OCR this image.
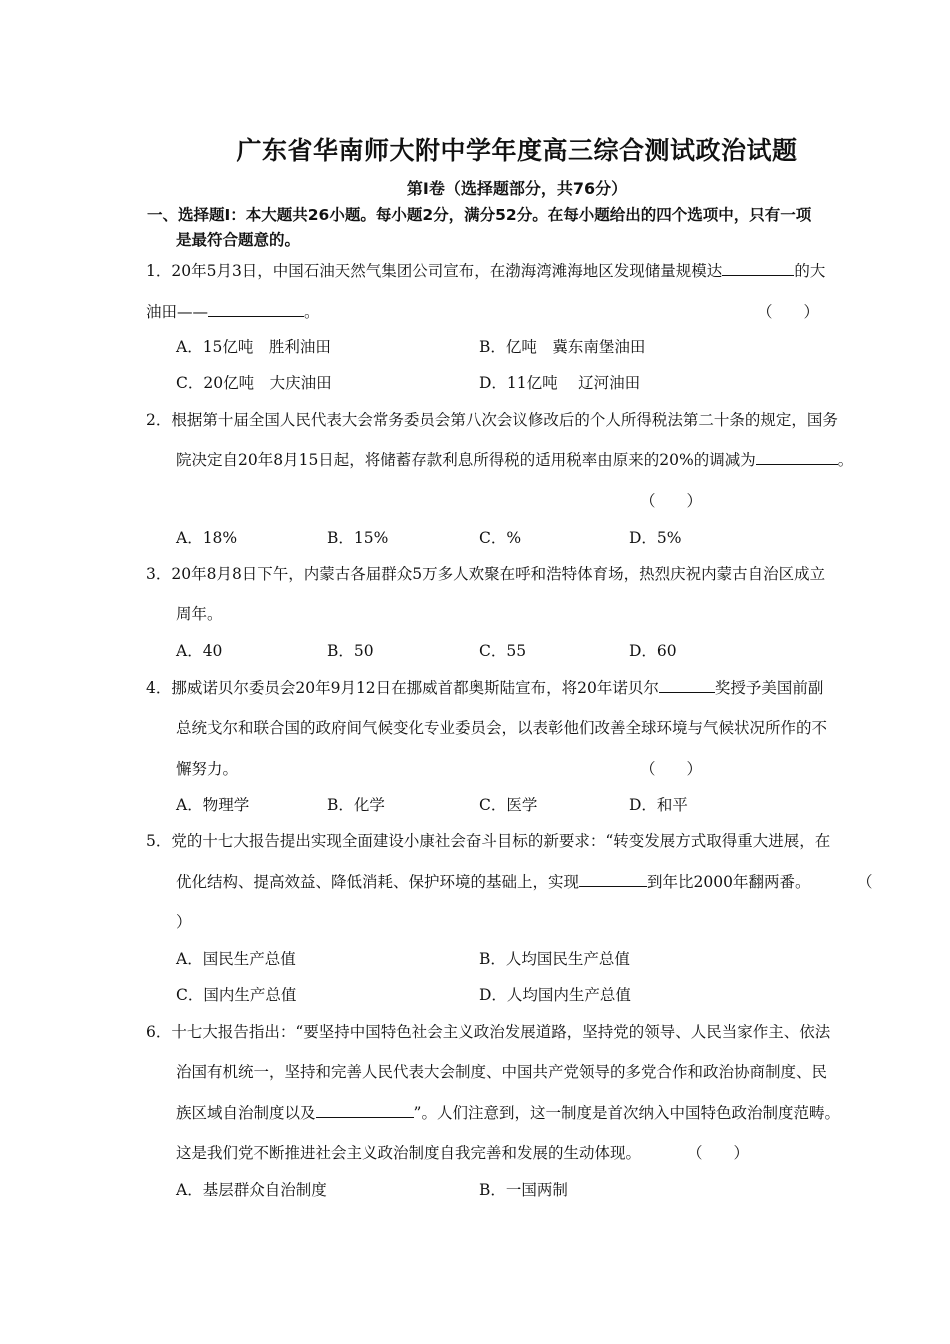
广东省华南师大附中学年度高三综合测试政治试题
第Ⅰ卷（选择题部分，共76分）
一、选择题Ⅰ：本大题共26小题。每小题2分，满分52分。在每小题给出的四个选项中，只有一项
是最符合题意的。
1．20年5月3日，中国石油天然气集团公司宣布，在渤海湾滩海地区发现储量规模达	的大
油田——	。	（　　）
A．15亿吨　胜利油田	B．亿吨　冀东南堡油田
C．20亿吨　大庆油田	D．11亿吨　 辽河油田
2．根据第十届全国人民代表大会常务委员会第八次会议修改后的个人所得税法第二十条的规定，国务
院决定自20年8月15日起，将储蓄存款利息所得税的适用税率由原来的20%的调减为	。
（　　）
A．18%	B．15%	C．%	D．5%
3．20年8月8日下午，内蒙古各届群众5万多人欢聚在呼和浩特体育场，热烈庆祝内蒙古自治区成立
周年。
A．40	B．50	C．55	D．60
4．挪威诺贝尔委员会20年9月12日在挪威首都奥斯陆宣布，将20年诺贝尔	奖授予美国前副
总统戈尔和联合国的政府间气候变化专业委员会，以表彰他们改善全球环境与气候状况所作的不
懈努力。	（　　）
A．物理学	B．化学	C．医学	D．和平
5．党的十七大报告提出实现全面建设小康社会奋斗目标的新要求：“转变发展方式取得重大进展，在
优化结构、提高效益、降低消耗、保护环境的基础上，实现	到年比2000年翻两番。	（
）
A．国民生产总值	B．人均国民生产总值
C．国内生产总值	D．人均国内生产总值
6．十七大报告指出：“要坚持中国特色社会主义政治发展道路，坚持党的领导、人民当家作主、依法
治国有机统一，坚持和完善人民代表大会制度、中国共产党领导的多党合作和政治协商制度、民
族区域自治制度以及	”。人们注意到，这一制度是首次纳入中国特色政治制度范畴。
这是我们党不断推进社会主义政治制度自我完善和发展的生动体现。	（　　）
A．基层群众自治制度	B．一国两制
